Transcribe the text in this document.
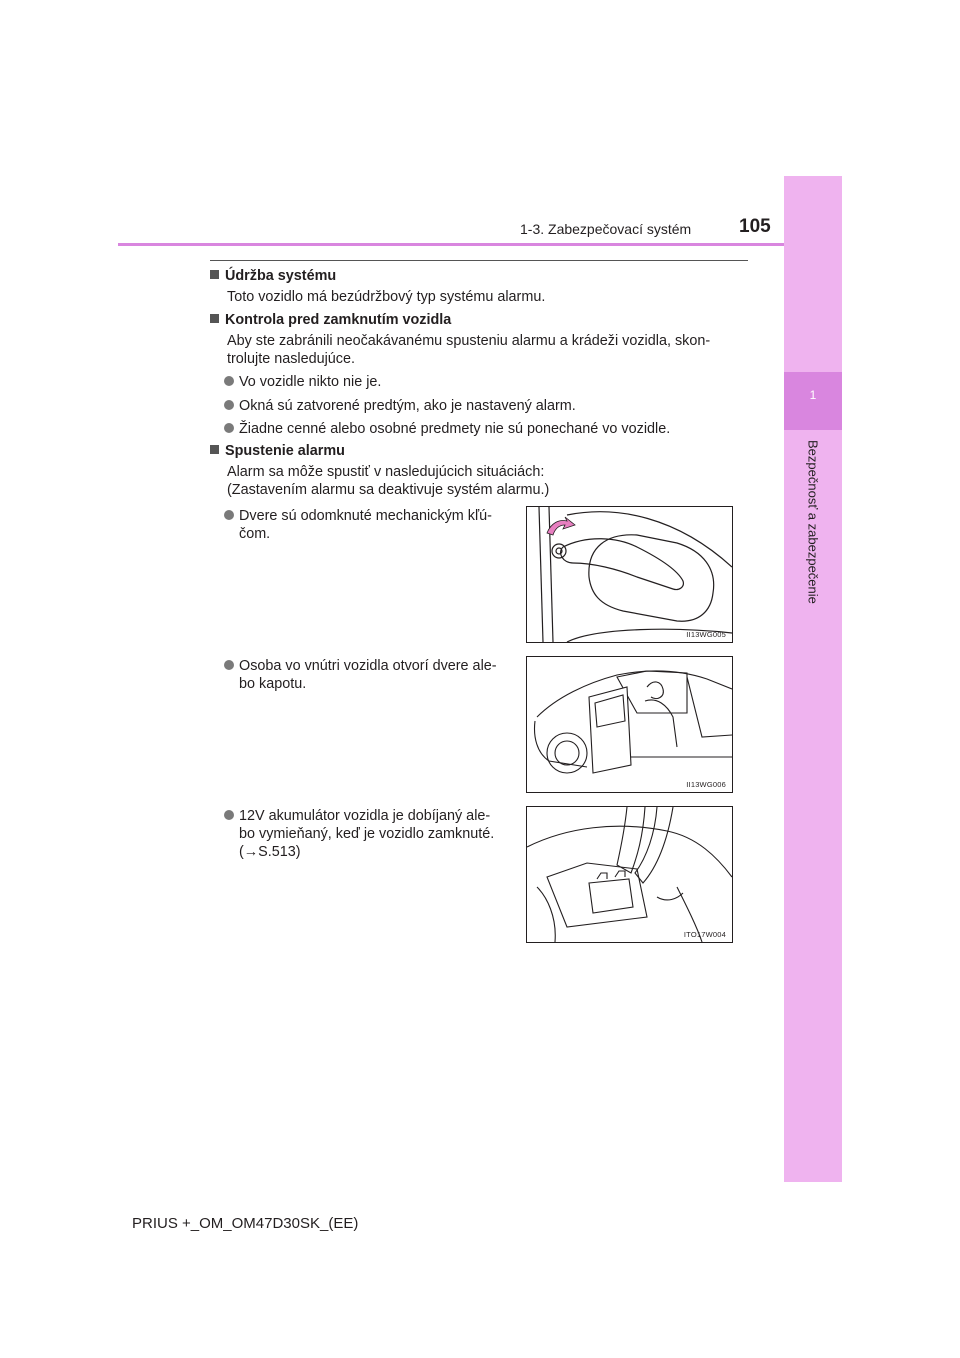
1
Bezpečnosť a zabezpečenie
1-3. Zabezpečovací systém	105
Údržba systému
Toto vozidlo má bezúdržbový typ systému alarmu.
Kontrola pred zamknutím vozidla
Aby ste zabránili neočakávanému spusteniu alarmu a krádeži vozidla, skon-
trolujte nasledujúce.
Vo vozidle nikto nie je.
Okná sú zatvorené predtým, ako je nastavený alarm.
Žiadne cenné alebo osobné predmety nie sú ponechané vo vozidle.
Spustenie alarmu
Alarm sa môže spustiť v nasledujúcich situáciách:
(Zastavením alarmu sa deaktivuje systém alarmu.)
Dvere sú odomknuté mechanickým kľú-
čom.
II13WG005
Osoba vo vnútri vozidla otvorí dvere ale-
bo kapotu.
II13WG006
12V akumulátor vozidla je dobíjaný ale-
bo vymieňaný, keď je vozidlo zamknuté.
(→S.513)
ITO17W004
PRIUS +_OM_OM47D30SK_(EE)
